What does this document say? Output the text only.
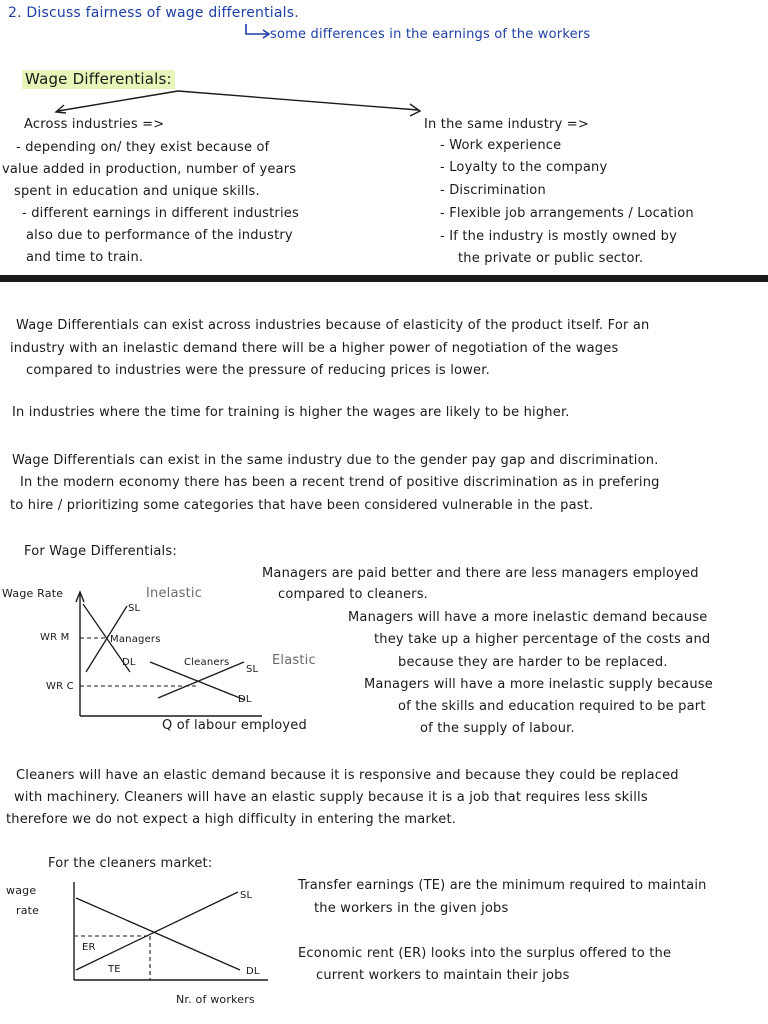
2. Discuss fairness of wage differentials.
some differences in the earnings of the workers
Wage Differentials:
Across industries =>
- depending on/ they exist because of
value added in production, number of years
spent in education and unique skills.
- different earnings in different industries
also due to performance of the industry
and time to train.
In the same industry =>
- Work experience
- Loyalty to the company
- Discrimination
- Flexible job arrangements / Location
- If the industry is mostly owned by
the private or public sector.
Wage Differentials can exist across industries because of elasticity of the product itself. For an
industry with an inelastic demand there will be a higher power of negotiation of the wages
compared to industries were the pressure of reducing prices is lower.
In industries where the time for training is higher the wages are likely to be higher.
Wage Differentials can exist in the same industry due to the gender pay gap and discrimination.
In the modern economy there has been a recent trend of positive discrimination as in prefering
to hire / prioritizing some categories that have been considered vulnerable in the past.
For Wage Differentials:
Wage Rate	Inelastic
SL
WR M	Managers
DL	Cleaners
SL
Elastic
WR C
DL
Q of labour employed
Managers are paid better and there are less managers employed
compared to cleaners.
Managers will have a more inelastic demand because
they take up a higher percentage of the costs and
because they are harder to be replaced.
Managers will have a more inelastic supply because
of the skills and education required to be part
of the supply of labour.
Cleaners will have an elastic demand because it is responsive and because they could be replaced
with machinery. Cleaners will have an elastic supply because it is a job that requires less skills
therefore we do not expect a high difficulty in entering the market.
For the cleaners market:
wage
rate
SL
ER
TE	DL
Nr. of workers
Transfer earnings (TE) are the minimum required to maintain
the workers in the given jobs
Economic rent (ER) looks into the surplus offered to the
current workers to maintain their jobs
